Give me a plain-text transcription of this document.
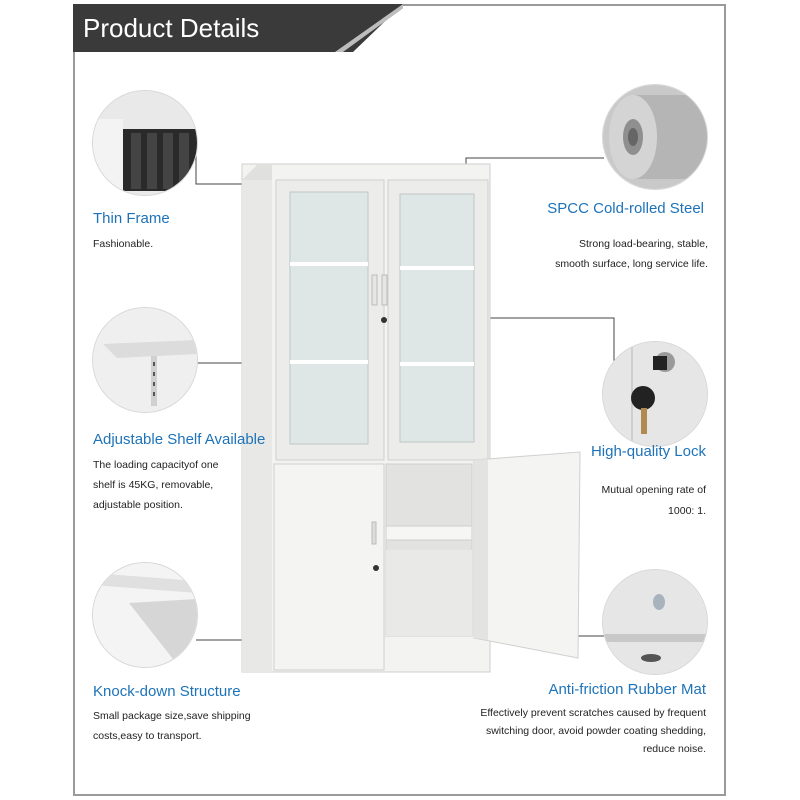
Product Details
Thin Frame
Fashionable.
Adjustable Shelf Available
The loading capacityof one
shelf is 45KG, removable,
adjustable position.
Knock-down Structure
Small package size,save shipping
costs,easy to transport.
SPCC Cold-rolled Steel
Strong load-bearing, stable,
smooth surface, long service life.
High-quality Lock
Mutual opening rate of
1000: 1.
Anti-friction Rubber Mat
Effectively prevent scratches caused by frequent
switching door, avoid powder coating shedding,
reduce noise.
